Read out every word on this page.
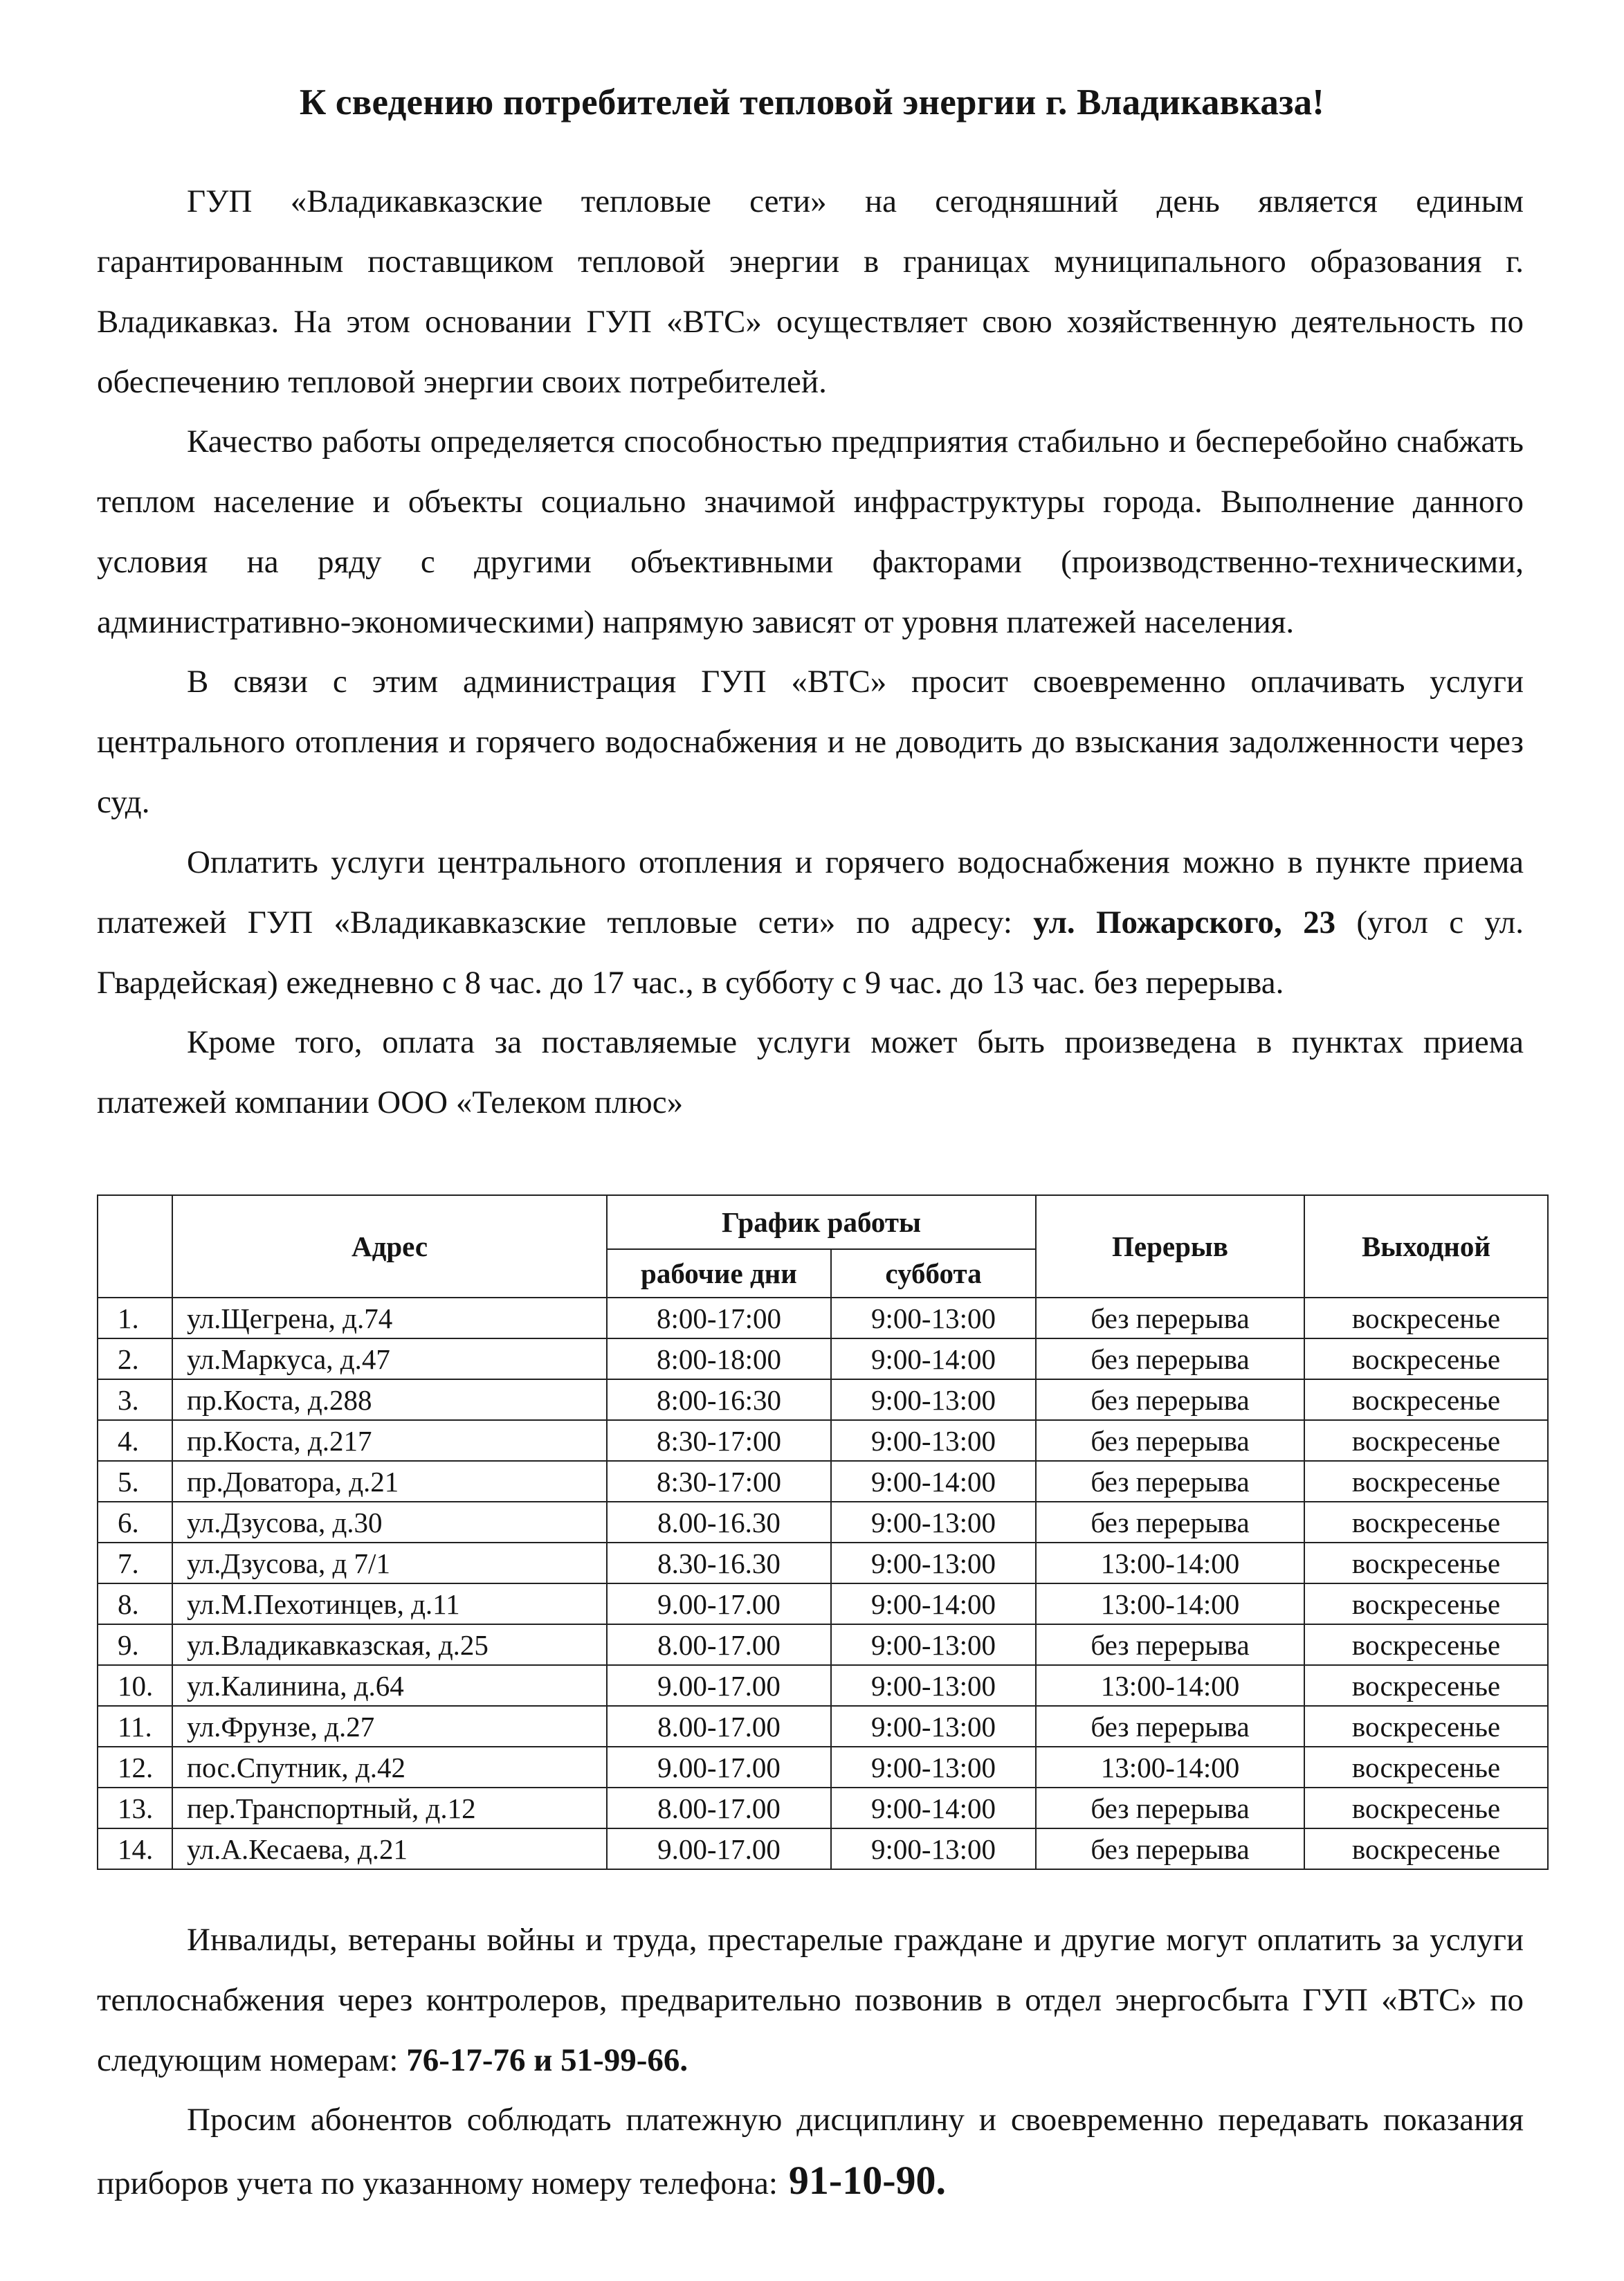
К сведению потребителей тепловой энергии г. Владикавказа!

ГУП «Владикавказские тепловые сети» на сегодняшний день является единым гарантированным поставщиком тепловой энергии в границах муниципального образования г. Владикавказ. На этом основании ГУП «ВТС» осуществляет свою хозяйственную деятельность по обеспечению тепловой энергии своих потребителей.

Качество работы определяется способностью предприятия стабильно и бесперебойно снабжать теплом население и объекты социально значимой инфраструктуры города. Выполнение данного условия на ряду с другими объективными факторами (производственно-техническими, административно-экономическими) напрямую зависят от уровня платежей населения.

В связи с этим администрация ГУП «ВТС» просит своевременно оплачивать услуги центрального отопления и горячего водоснабжения и не доводить до взыскания задолженности через суд.

Оплатить услуги центрального отопления и горячего водоснабжения можно в пункте приема платежей ГУП «Владикавказские тепловые сети» по адресу: ул. Пожарского, 23 (угол с ул. Гвардейская) ежедневно с 8 час. до 17 час., в субботу с 9 час. до 13 час. без перерыва.

Кроме того, оплата за поставляемые услуги может быть произведена в пунктах приема платежей компании ООО «Телеком плюс»

	Адрес	График работы		Перерыв	Выходной
		рабочие дни	суббота		
1.	ул.Щегрена, д.74	8:00-17:00	9:00-13:00	без перерыва	воскресенье
2.	ул.Маркуса, д.47	8:00-18:00	9:00-14:00	без перерыва	воскресенье
3.	пр.Коста, д.288	8:00-16:30	9:00-13:00	без перерыва	воскресенье
4.	пр.Коста, д.217	8:30-17:00	9:00-13:00	без перерыва	воскресенье
5.	пр.Доватора, д.21	8:30-17:00	9:00-14:00	без перерыва	воскресенье
6.	ул.Дзусова, д.30	8.00-16.30	9:00-13:00	без перерыва	воскресенье
7.	ул.Дзусова, д 7/1	8.30-16.30	9:00-13:00	13:00-14:00	воскресенье
8.	ул.М.Пехотинцев, д.11	9.00-17.00	9:00-14:00	13:00-14:00	воскресенье
9.	ул.Владикавказская, д.25	8.00-17.00	9:00-13:00	без перерыва	воскресенье
10.	ул.Калинина, д.64	9.00-17.00	9:00-13:00	13:00-14:00	воскресенье
11.	ул.Фрунзе, д.27	8.00-17.00	9:00-13:00	без перерыва	воскресенье
12.	пос.Спутник, д.42	9.00-17.00	9:00-13:00	13:00-14:00	воскресенье
13.	пер.Транспортный, д.12	8.00-17.00	9:00-14:00	без перерыва	воскресенье
14.	ул.А.Кесаева, д.21	9.00-17.00	9:00-13:00	без перерыва	воскресенье

Инвалиды, ветераны войны и труда, престарелые граждане и другие могут оплатить за услуги теплоснабжения через контролеров, предварительно позвонив в отдел энергосбыта ГУП «ВТС» по следующим номерам: 76-17-76 и 51-99-66.

Просим абонентов соблюдать платежную дисциплину и своевременно передавать показания приборов учета по указанному номеру телефона: 91-10-90.
